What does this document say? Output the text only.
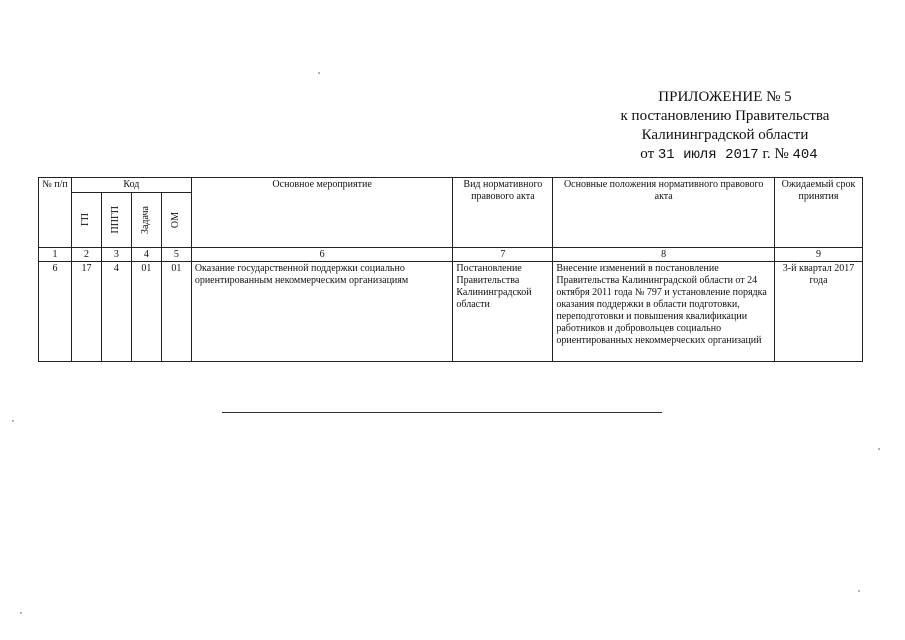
ПРИЛОЖЕНИЕ № 5
к постановлению Правительства
Калининградской области
от 31 июля 2017 г. № 404
№ п/п	Код				Основное мероприятие	Вид нормативного правового акта	Основные положения нормативного правового акта	Ожидаемый срок принятия

	ГП	ППГП	Задача	ОМ				

1	2	3	4	5	6	7	8	9
6	17	4	01	01	Оказание государственной поддержки социально ориентированным некоммерческим организациям	Постановление Правительства Калининградской области	Внесение изменений в постановление Правительства Калининградской области от 24 октября 2011 года № 797 и установление порядка оказания поддержки в области подготовки, переподготовки и повышения квалификации работников и добровольцев социально ориентированных некоммерческих организаций	3-й квартал 2017 года
